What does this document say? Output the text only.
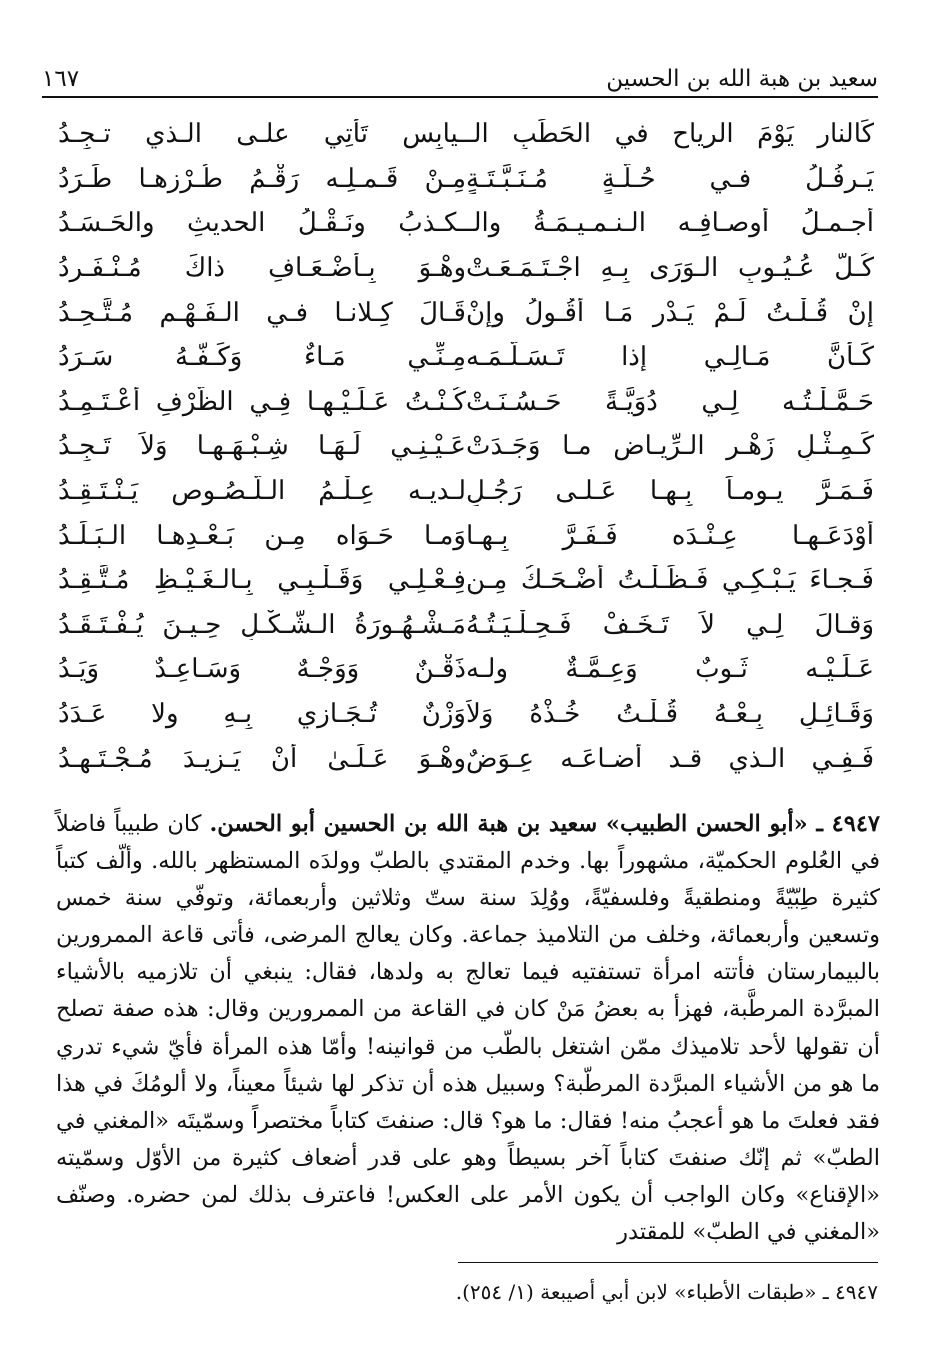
سعيد بن هبة الله بن الحسين
١٦٧
كَالنارِ يَوْمَ الرياحِ في الحَطَبِ الـ
ـيابِسِ تَأْتِي علـى الـذي تـجِـدُ
يَـرفُـلُ فـي حُـلَّـةٍ مُـنَـبَّـتَـةٍ
مِـنْ قَـمـلِـه رَقْـمُ طُـرْزِهـا طَـرَدُ
أجـمـلُ أوصـافِـه الـنـمـيـمَـةُ والـ
ـكـذبُ ونَـقْـلُ الحديثِ والحَـسَـدُ
كُـلُّ عُـيُـوبِ الـوَرَى بِـهِ اجْـتَـمَـعَـتْ
وهْـوَ بِـأَضْـعَـافِ ذاكَ مُـنْـفَـرِدُ
إنْ قُـلْـتُ لَـمْ يَـدْرِ مَـا أَقُـولُ وإنْ
قَـالَ كِـلانـا فـي الـفَـهْـمِ مُـتَّـحِـدُ
كَـأَنَّ مَـالِـي إذا تَـسَـلَّـمَـه
مِـنِّـي مَـاءٌ وَكَـفُّـهُ سَـرَدُ
حَـمَّـلْـتُـه لِـي دُوَيَّـةً حَـسُـنَـتْ
كُـنْـتُ عَـلَـيْـهـا فِـي الظَّرْفِ أَعْـتَـمِـدُ
كَـمِـثْـلِ زَهْـرِ الـرِّيـاضِ مـا وَجَـدَتْ
عَـيْـنِـي لَـهَـا شِـبْـهَـهـا وَلاَ تَـجِـدُ
فَـمَـرَّ يـومـاً بِـهـا عَـلـى رَجُـلٍ
لـديـه عِـلْـمُ الـلُّـصُـوصِ يَـنْـتَـقِـدُ
أَوْدَعَـهـا عِـنْـدَه فَـفَـرَّ بِـهـا
وَمـا حَـوَاه مِـن بَـعْـدِهـا الـبَـلَـدُ
فَـجـاءَ يَـبْـكِـي فَـظَـلْـتُ أَضْـحَـكُ مِـن
فِـعْـلِـي وَقَـلْـبِـي بِـالـغَـيْـظِ مُـتَّـقِـدُ
وَقـالَ لِـي لاَ تَـخَـفْ فَـحِـلْـيَـتُـهُ
مَـشْـهُـورَةُ الـشَّـكْـلِ حِـيـنَ يُـفْـتَـقَـدُ
عَـلَـيْـه ثَـوبٌ وَعِـمَّـةٌ ولـه
ذَقْـنٌ وَوَجْـهٌ وَسَـاعِـدٌ وَيَـدُ
وَقَـائِـلٍ بِـعْـهُ قُـلْـتُ خُـذْهُ وَلاَ
وَزْنٌ تُـجَـازِي بِـهِ ولا عَـدَدُ
فَـفِـي الـذي قـد أضـاعَـه عِـوَضٌ
وهْـوَ عَـلَـىٰ أنْ يَـزِيـدَ مُـجْـتَـهِـدُ
٤٩٤٧ ـ «أبو الحسن الطبيب» سعيد بن هبة الله بن الحسين أبو الحسن. كان طبيباً فاضلاً في العُلوم الحكميّة، مشهوراً بها. وخدم المقتدي بالطبّ وولدَه المستظهر بالله. وألّف كتباً كثيرة طِبّيّةً ومنطقيةً وفلسفيّةً، ووُلِدَ سنة ستّ وثلاثين وأربعمائة، وتوفّي سنة خمس وتسعين وأربعمائة، وخلف من التلاميذ جماعة. وكان يعالج المرضى، فأتى قاعة الممرورين بالبيمارستان فأتته امرأة تستفتيه فيما تعالج به ولدها، فقال: ينبغي أن تلازميه بالأشياء المبرَّدة المرطَّبة، فهزأ به بعضُ مَنْ كان في القاعة من الممرورين وقال: هذه صفة تصلح أن تقولها لأحد تلاميذك ممّن اشتغل بالطّب من قوانينه! وأمّا هذه المرأة فأيّ شيء تدري ما هو من الأشياء المبرَّدة المرطّبة؟ وسبيل هذه أن تذكر لها شيئاً معيناً، ولا ألومُكَ في هذا فقد فعلتَ ما هو أعجبُ منه! فقال: ما هو؟ قال: صنفتَ كتاباً مختصراً وسمّيتَه «المغني في الطبّ» ثم إنّك صنفتَ كتاباً آخر بسيطاً وهو على قدر أضعاف كثيرة من الأوّل وسمّيته «الإقناع» وكان الواجب أن يكون الأمر على العكس! فاعترف بذلك لمن حضره. وصنّف «المغني في الطبّ» للمقتدر
٤٩٤٧ ـ «طبقات الأطباء» لابن أبي أصيبعة (١/ ٢٥٤).
